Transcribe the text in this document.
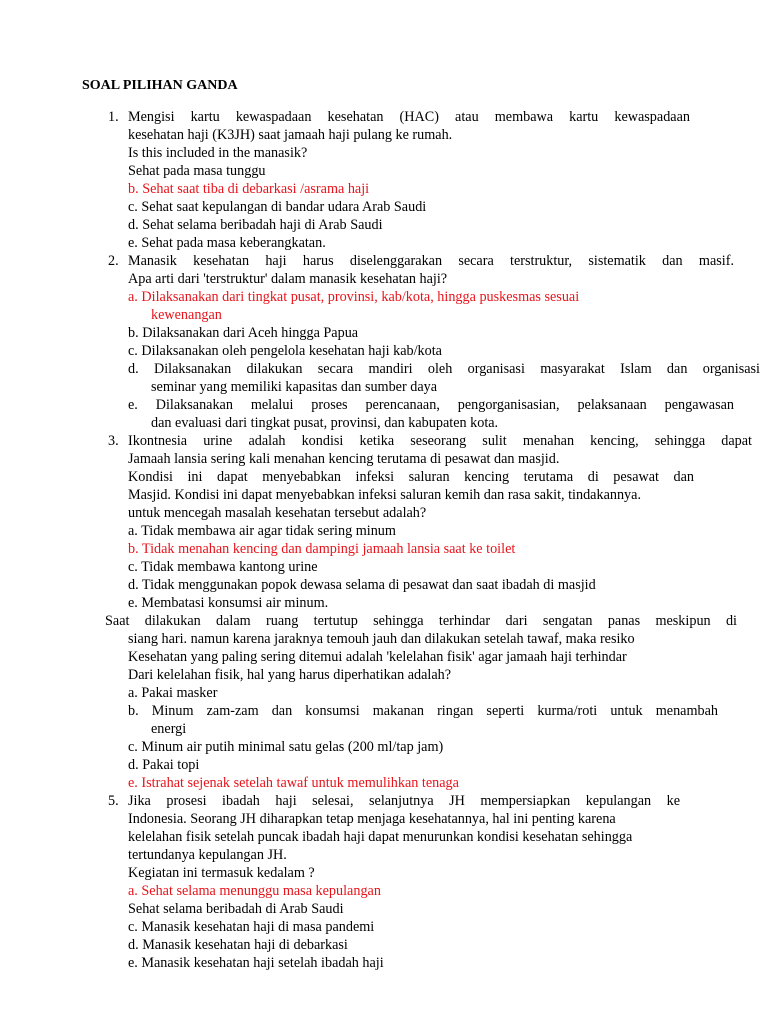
SOAL PILIHAN GANDA
1. Mengisi kartu kewaspadaan kesehatan (HAC) atau membawa kartu kewaspadaan
kesehatan haji (K3JH) saat jamaah haji pulang ke rumah.
Is this included in the manasik?
Sehat pada masa tunggu
b. Sehat saat tiba di debarkasi /asrama haji
c. Sehat saat kepulangan di bandar udara Arab Saudi
d. Sehat selama beribadah haji di Arab Saudi
e. Sehat pada masa keberangkatan.
2. Manasik kesehatan haji harus diselenggarakan secara terstruktur, sistematik dan masif.
Apa arti dari 'terstruktur' dalam manasik kesehatan haji?
a. Dilaksanakan dari tingkat pusat, provinsi, kab/kota, hingga puskesmas sesuai
kewenangan
b. Dilaksanakan dari Aceh hingga Papua
c. Dilaksanakan oleh pengelola kesehatan haji kab/kota
d. Dilaksanakan dilakukan secara mandiri oleh organisasi masyarakat Islam dan organisasi
seminar yang memiliki kapasitas dan sumber daya
e. Dilaksanakan melalui proses perencanaan, pengorganisasian, pelaksanaan pengawasan
dan evaluasi dari tingkat pusat, provinsi, dan kabupaten kota.
3. Ikontnesia urine adalah kondisi ketika seseorang sulit menahan kencing, sehingga dapat
Jamaah lansia sering kali menahan kencing terutama di pesawat dan masjid.
Kondisi ini dapat menyebabkan infeksi saluran kencing terutama di pesawat dan
Masjid. Kondisi ini dapat menyebabkan infeksi saluran kemih dan rasa sakit, tindakannya.
untuk mencegah masalah kesehatan tersebut adalah?
a. Tidak membawa air agar tidak sering minum
b. Tidak menahan kencing dan dampingi jamaah lansia saat ke toilet
c. Tidak membawa kantong urine
d. Tidak menggunakan popok dewasa selama di pesawat dan saat ibadah di masjid
e. Membatasi konsumsi air minum.
Saat dilakukan dalam ruang tertutup sehingga terhindar dari sengatan panas meskipun di
siang hari. namun karena jaraknya temouh jauh dan dilakukan setelah tawaf, maka resiko
Kesehatan yang paling sering ditemui adalah 'kelelahan fisik' agar jamaah haji terhindar
Dari kelelahan fisik, hal yang harus diperhatikan adalah?
a. Pakai masker
b. Minum zam-zam dan konsumsi makanan ringan seperti kurma/roti untuk menambah
energi
c. Minum air putih minimal satu gelas (200 ml/tap jam)
d. Pakai topi
e. Istrahat sejenak setelah tawaf untuk memulihkan tenaga
5. Jika prosesi ibadah haji selesai, selanjutnya JH mempersiapkan kepulangan ke
Indonesia. Seorang JH diharapkan tetap menjaga kesehatannya, hal ini penting karena
kelelahan fisik setelah puncak ibadah haji dapat menurunkan kondisi kesehatan sehingga
tertundanya kepulangan JH.
Kegiatan ini termasuk kedalam ?
a. Sehat selama menunggu masa kepulangan
Sehat selama beribadah di Arab Saudi
c. Manasik kesehatan haji di masa pandemi
d. Manasik kesehatan haji di debarkasi
e. Manasik kesehatan haji setelah ibadah haji
